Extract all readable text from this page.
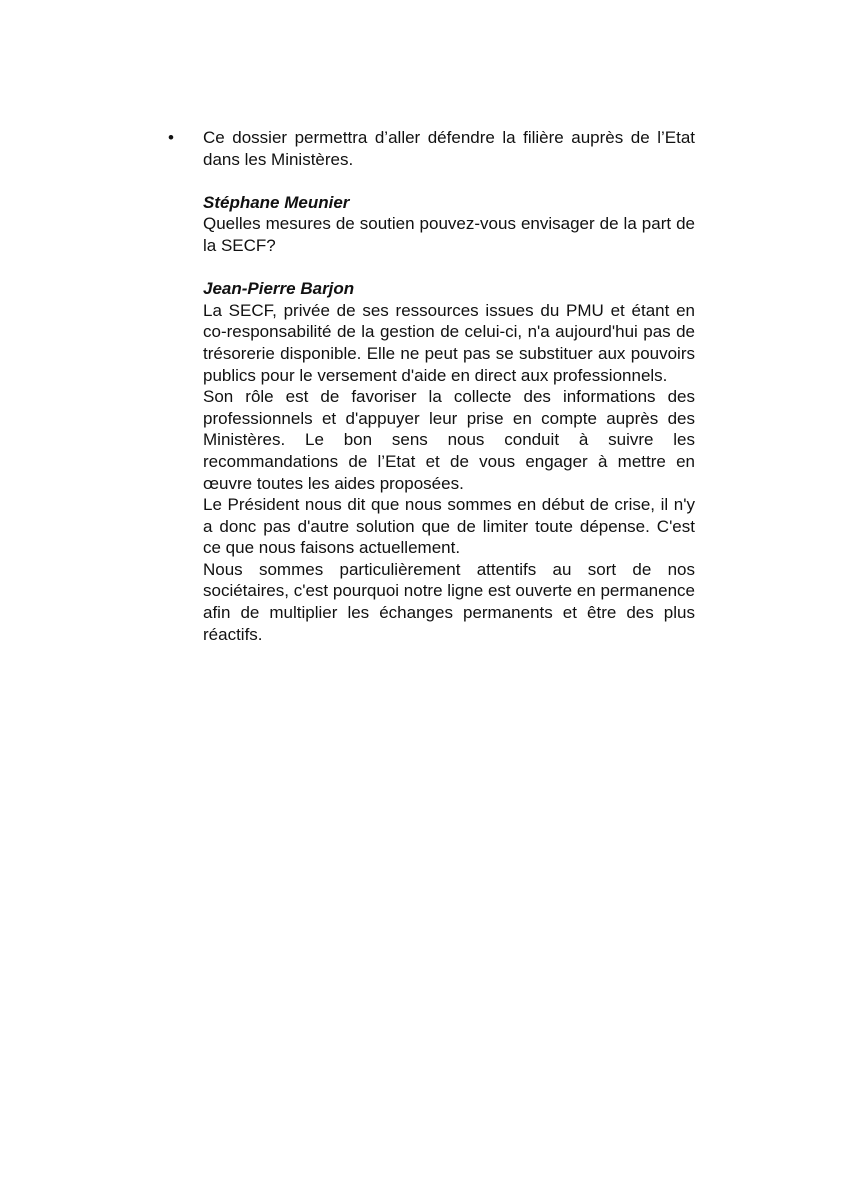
• Ce dossier permettra d’aller défendre la filière auprès de l’Etat dans les Ministères.

Stéphane Meunier

Quelles mesures de soutien pouvez-vous envisager de la part de la SECF?

Jean-Pierre Barjon

La SECF, privée de ses ressources issues du PMU et étant en co-responsabilité de la gestion de celui-ci, n'a aujourd'hui pas de trésorerie disponible. Elle ne peut pas se substituer aux pouvoirs publics pour le versement d'aide en direct aux professionnels.

Son rôle est de favoriser la collecte des informations des professionnels et d'appuyer leur prise en compte auprès des Ministères. Le bon sens nous conduit à suivre les recommandations de l’Etat et de vous engager à mettre en œuvre toutes les aides proposées.

Le Président nous dit que nous sommes en début de crise, il n'y a donc pas d'autre solution que de limiter toute dépense. C'est ce que nous faisons actuellement.

Nous sommes particulièrement attentifs au sort de nos sociétaires, c'est pourquoi notre ligne est ouverte en permanence afin de multiplier les échanges permanents et être des plus réactifs.
